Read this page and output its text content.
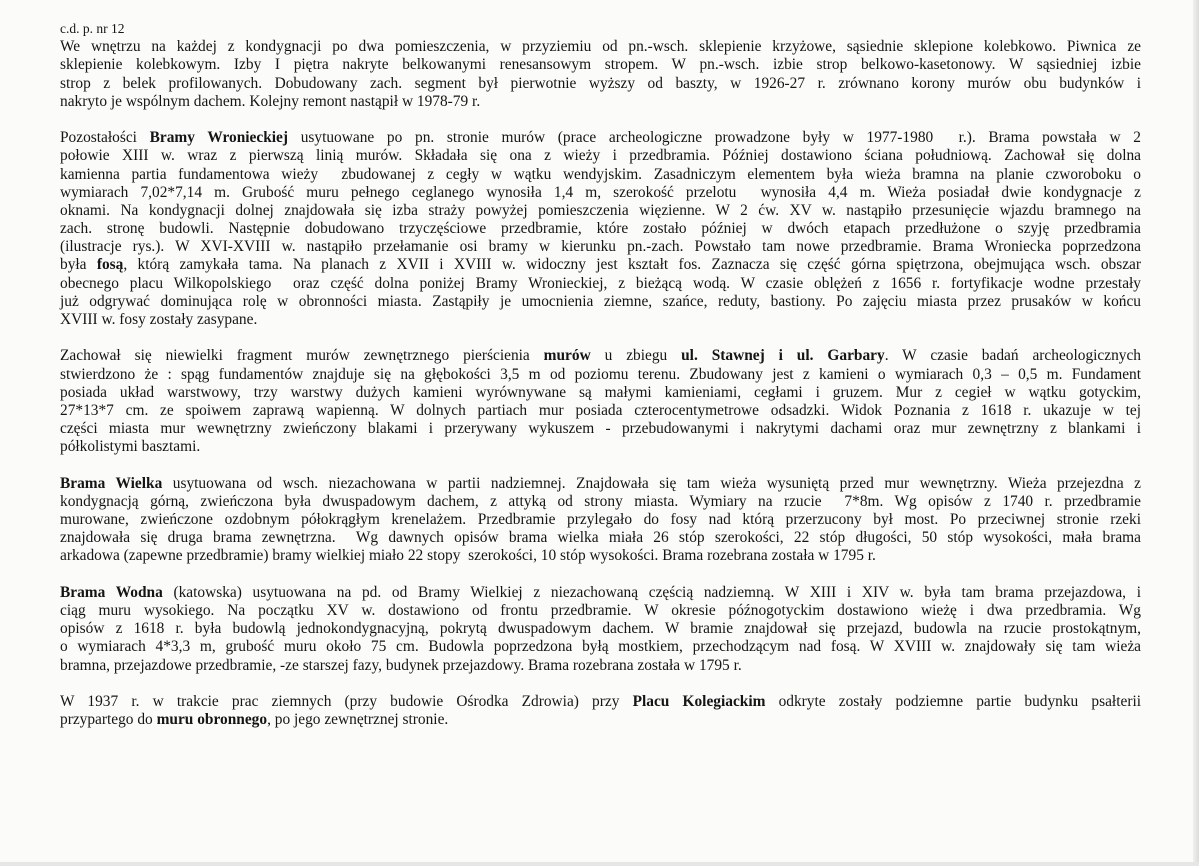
c.d. p. nr 12
We wnętrzu na każdej z kondygnacji po dwa pomieszczenia, w przyziemiu od pn.-wsch. sklepienie krzyżowe, sąsiednie sklepione kolebkowo. Piwnica ze
sklepienie kolebkowym. Izby I piętra nakryte belkowanymi renesansowym stropem. W pn.-wsch. izbie strop belkowo-kasetonowy. W sąsiedniej izbie
strop z belek profilowanych. Dobudowany zach. segment był pierwotnie wyższy od baszty, w 1926-27 r. zrównano korony murów obu budynków i
nakryto je wspólnym dachem. Kolejny remont nastąpił w 1978-79 r.
Pozostałości Bramy Wronieckiej usytuowane po pn. stronie murów (prace archeologiczne prowadzone były w 1977-1980  r.). Brama powstała w 2
połowie XIII w. wraz z pierwszą linią murów. Składała się ona z wieży i przedbramia. Później dostawiono ściana południową. Zachował się dolna
kamienna partia fundamentowa wieży  zbudowanej z cegły w wątku wendyjskim. Zasadniczym elementem była wieża bramna na planie czworoboku o
wymiarach 7,02*7,14 m. Grubość muru pełnego ceglanego wynosiła 1,4 m, szerokość przelotu  wynosiła 4,4 m. Wieża posiadał dwie kondygnacje z
oknami. Na kondygnacji dolnej znajdowała się izba straży powyżej pomieszczenia więzienne. W 2 ćw. XV w. nastąpiło przesunięcie wjazdu bramnego na
zach. stronę budowli. Następnie dobudowano trzyczęściowe przedbramie, które zostało później w dwóch etapach przedłużone o szyję przedbramia
(ilustracje rys.). W XVI-XVIII w. nastąpiło przełamanie osi bramy w kierunku pn.-zach. Powstało tam nowe przedbramie. Brama Wroniecka poprzedzona
była fosą, którą zamykała tama. Na planach z XVII i XVIII w. widoczny jest kształt fos. Zaznacza się część górna spiętrzona, obejmująca wsch. obszar
obecnego placu Wilkopolskiego  oraz część dolna poniżej Bramy Wronieckiej, z bieżącą wodą. W czasie oblężeń z 1656 r. fortyfikacje wodne przestały
już odgrywać dominująca rolę w obronności miasta. Zastąpiły je umocnienia ziemne, szańce, reduty, bastiony. Po zajęciu miasta przez prusaków w końcu
XVIII w. fosy zostały zasypane.
Zachował się niewielki fragment murów zewnętrznego pierścienia murów u zbiegu ul. Stawnej i ul. Garbary. W czasie badań archeologicznych
stwierdzono że : spąg fundamentów znajduje się na głębokości 3,5 m od poziomu terenu. Zbudowany jest z kamieni o wymiarach 0,3 – 0,5 m. Fundament
posiada układ warstwowy, trzy warstwy dużych kamieni wyrównywane są małymi kamieniami, cegłami i gruzem. Mur z cegieł w wątku gotyckim,
27*13*7 cm. ze spoiwem zaprawą wapienną. W dolnych partiach mur posiada czterocentymetrowe odsadzki. Widok Poznania z 1618 r. ukazuje w tej
części miasta mur wewnętrzny zwieńczony blakami i przerywany wykuszem - przebudowanymi i nakrytymi dachami oraz mur zewnętrzny z blankami i
półkolistymi basztami.
Brama Wielka usytuowana od wsch. niezachowana w partii nadziemnej. Znajdowała się tam wieża wysuniętą przed mur wewnętrzny. Wieża przejezdna z
kondygnacją górną, zwieńczona była dwuspadowym dachem, z attyką od strony miasta. Wymiary na rzucie  7*8m. Wg opisów z 1740 r. przedbramie
murowane, zwieńczone ozdobnym półokrągłym krenelażem. Przedbramie przylegało do fosy nad którą przerzucony był most. Po przeciwnej stronie rzeki
znajdowała się druga brama zewnętrzna.  Wg dawnych opisów brama wielka miała 26 stóp szerokości, 22 stóp długości, 50 stóp wysokości, mała brama
arkadowa (zapewne przedbramie) bramy wielkiej miało 22 stopy  szerokości, 10 stóp wysokości. Brama rozebrana została w 1795 r.
Brama Wodna (katowska) usytuowana na pd. od Bramy Wielkiej z niezachowaną częścią nadziemną. W XIII i XIV w. była tam brama przejazdowa, i
ciąg muru wysokiego. Na początku XV w. dostawiono od frontu przedbramie. W okresie późnogotyckim dostawiono wieżę i dwa przedbramia. Wg
opisów z 1618 r. była budowlą jednokondygnacyjną, pokrytą dwuspadowym dachem. W bramie znajdował się przejazd, budowla na rzucie prostokątnym,
o wymiarach 4*3,3 m, grubość muru około 75 cm. Budowla poprzedzona byłą mostkiem, przechodzącym nad fosą. W XVIII w. znajdowały się tam wieża
bramna, przejazdowe przedbramie, -ze starszej fazy, budynek przejazdowy. Brama rozebrana została w 1795 r.
W 1937 r. w trakcie prac ziemnych (przy budowie Ośrodka Zdrowia) przy Placu Kolegiackim odkryte zostały podziemne partie budynku psałterii
przypartego do muru obronnego, po jego zewnętrznej stronie.
